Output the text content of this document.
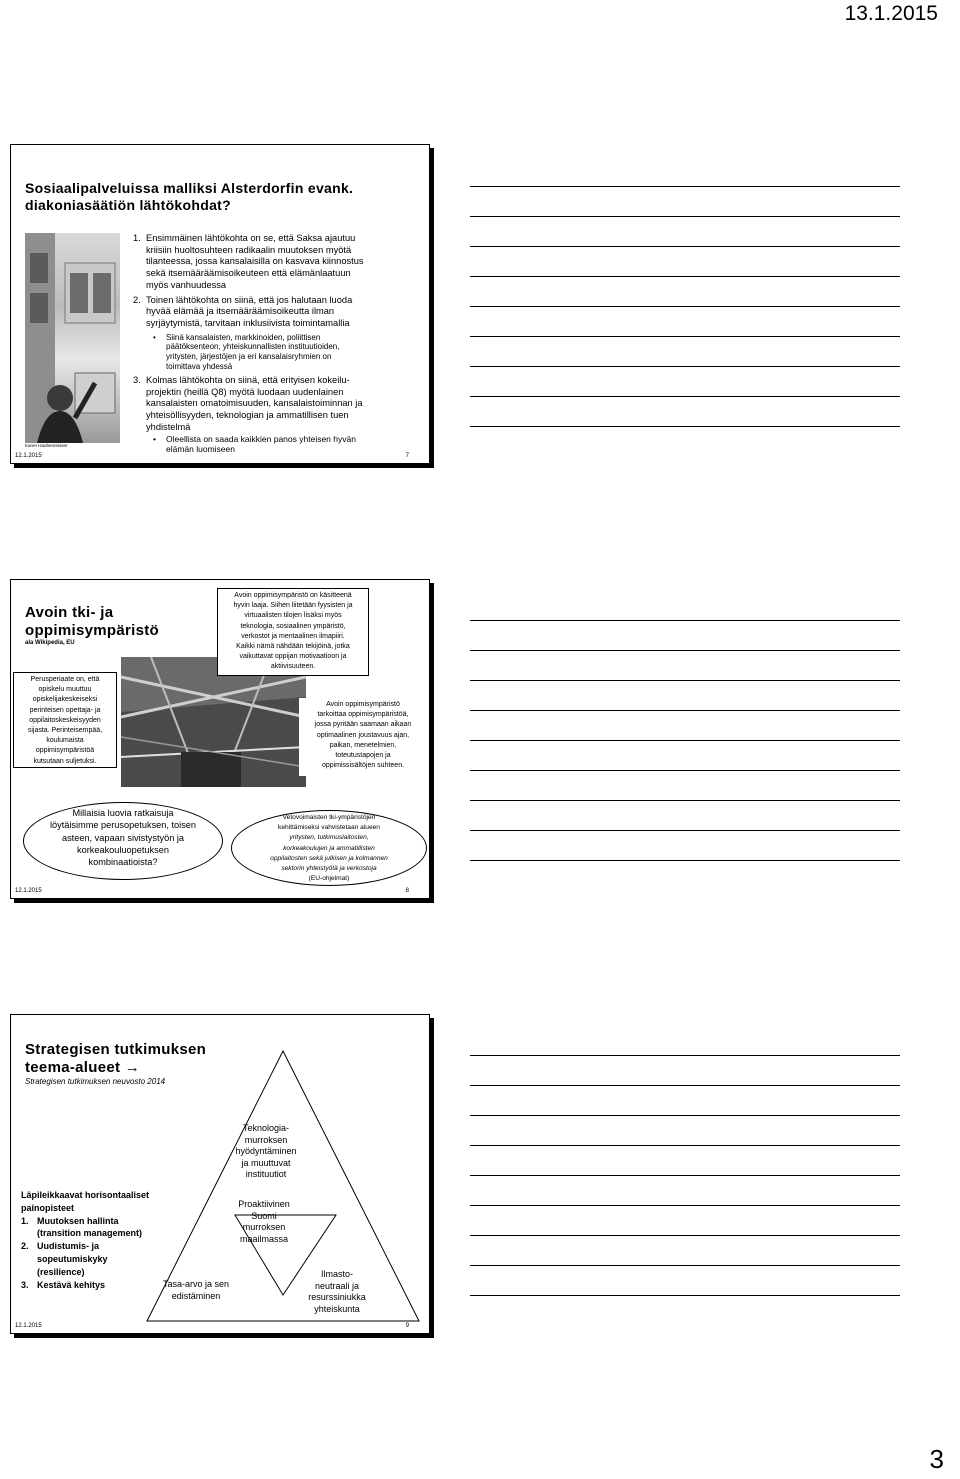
13.1.2015
Sosiaalipalveluissa malliksi Alsterdorfin evank.
diakoniasäätiön lähtökohdat?
Karen Haubenreisser
1. Ensimmäinen lähtökohta on se, että Saksa ajautuu
kriisiin huoltosuhteen radikaalin muutoksen myötä
tilanteessa, jossa kansalaisilla on kasvava kiinnostus
sekä itsemääräämisoikeuteen että elämänlaatuun
myös vanhuudessa
2. Toinen lähtökohta on siinä, että jos halutaan luoda
hyvää elämää ja itsemääräämisoikeutta ilman
syrjäytymistä, tarvitaan inklusiivista toimintamallia
• Siinä kansalaisten, markkinoiden, poliittisen
päätöksenteon, yhteiskunnallisten instituutioiden,
yritysten, järjestöjen ja eri kansalaisryhmien on
toimittava yhdessä
3. Kolmas lähtökohta on siinä, että erityisen kokeilu-
projektin (heillä Q8) myötä luodaan uudenlainen
kansalaisten omatoimisuuden, kansalaistoiminnan ja
yhteisöllisyyden, teknologian ja ammatillisen tuen
yhdistelmä
• Oleellista on saada kaikkien panos yhteisen hyvän
elämän luomiseen
12.1.2015	7
Avoin tki- ja
oppimisympäristö
ala Wikipedia, EU
Perusperiaate on, että
opiskelu muuttuu
opiskelijakeskeiseksi
perinteisen opettaja- ja
oppilaitoskeskeisyyden
sijasta. Perinteisempää,
koulumaista
oppimisympäristöä
kutsutaan suljetuksi.
Avoin oppimisympäristö on käsitteenä
hyvin laaja. Siihen liitetään fyysisten ja
virtuaalisten tilojen lisäksi myös
teknologia, sosiaalinen ympäristö,
verkostot ja mentaalinen ilmapiiri.
Kaikki nämä nähdään tekijöinä, jotka
vaikuttavat oppijan motivaatioon ja
aktiivisuuteen.
Avoin oppimisympäristö
tarkoittaa oppimisympäristöä,
jossa pyritään saamaan aikaan
optimaalinen joustavuus ajan,
paikan, menetelmien,
toteutustapojen ja
oppimissisältöjen suhteen.
Millaisia luovia ratkaisuja
löytäisimme perusopetuksen, toisen
asteen, vapaan sivistystyön ja
korkeakouluopetuksen
kombinaatioista?
Vetovoimaisten tki-ympäristöjen
kehittämiseksi vahvistetaan alueen
yritysten, tutkimuslaitosten,
korkeakoulujen ja ammatillisten
oppilaitosten sekä julkisen ja kolmannen
sektorin yhteistyötä ja verkostoja
(EU-ohjelmat)
12.1.2015	8
Strategisen tutkimuksen
teema-alueet →
Strategisen tutkimuksen neuvosto 2014
Teknologia-
murroksen
hyödyntäminen
ja muuttuvat
instituutiot
Proaktiivinen
Suomi
murroksen
maailmassa
Tasa-arvo ja sen
edistäminen
Ilmasto-
neutraali ja
resurssiniukka
yhteiskunta
Läpileikkaavat horisontaaliset
painopisteet
1. Muutoksen hallinta
(transition management)
2. Uudistumis- ja
sopeutumiskyky
(resilience)
3. Kestävä kehitys
12.1.2015	9
3
